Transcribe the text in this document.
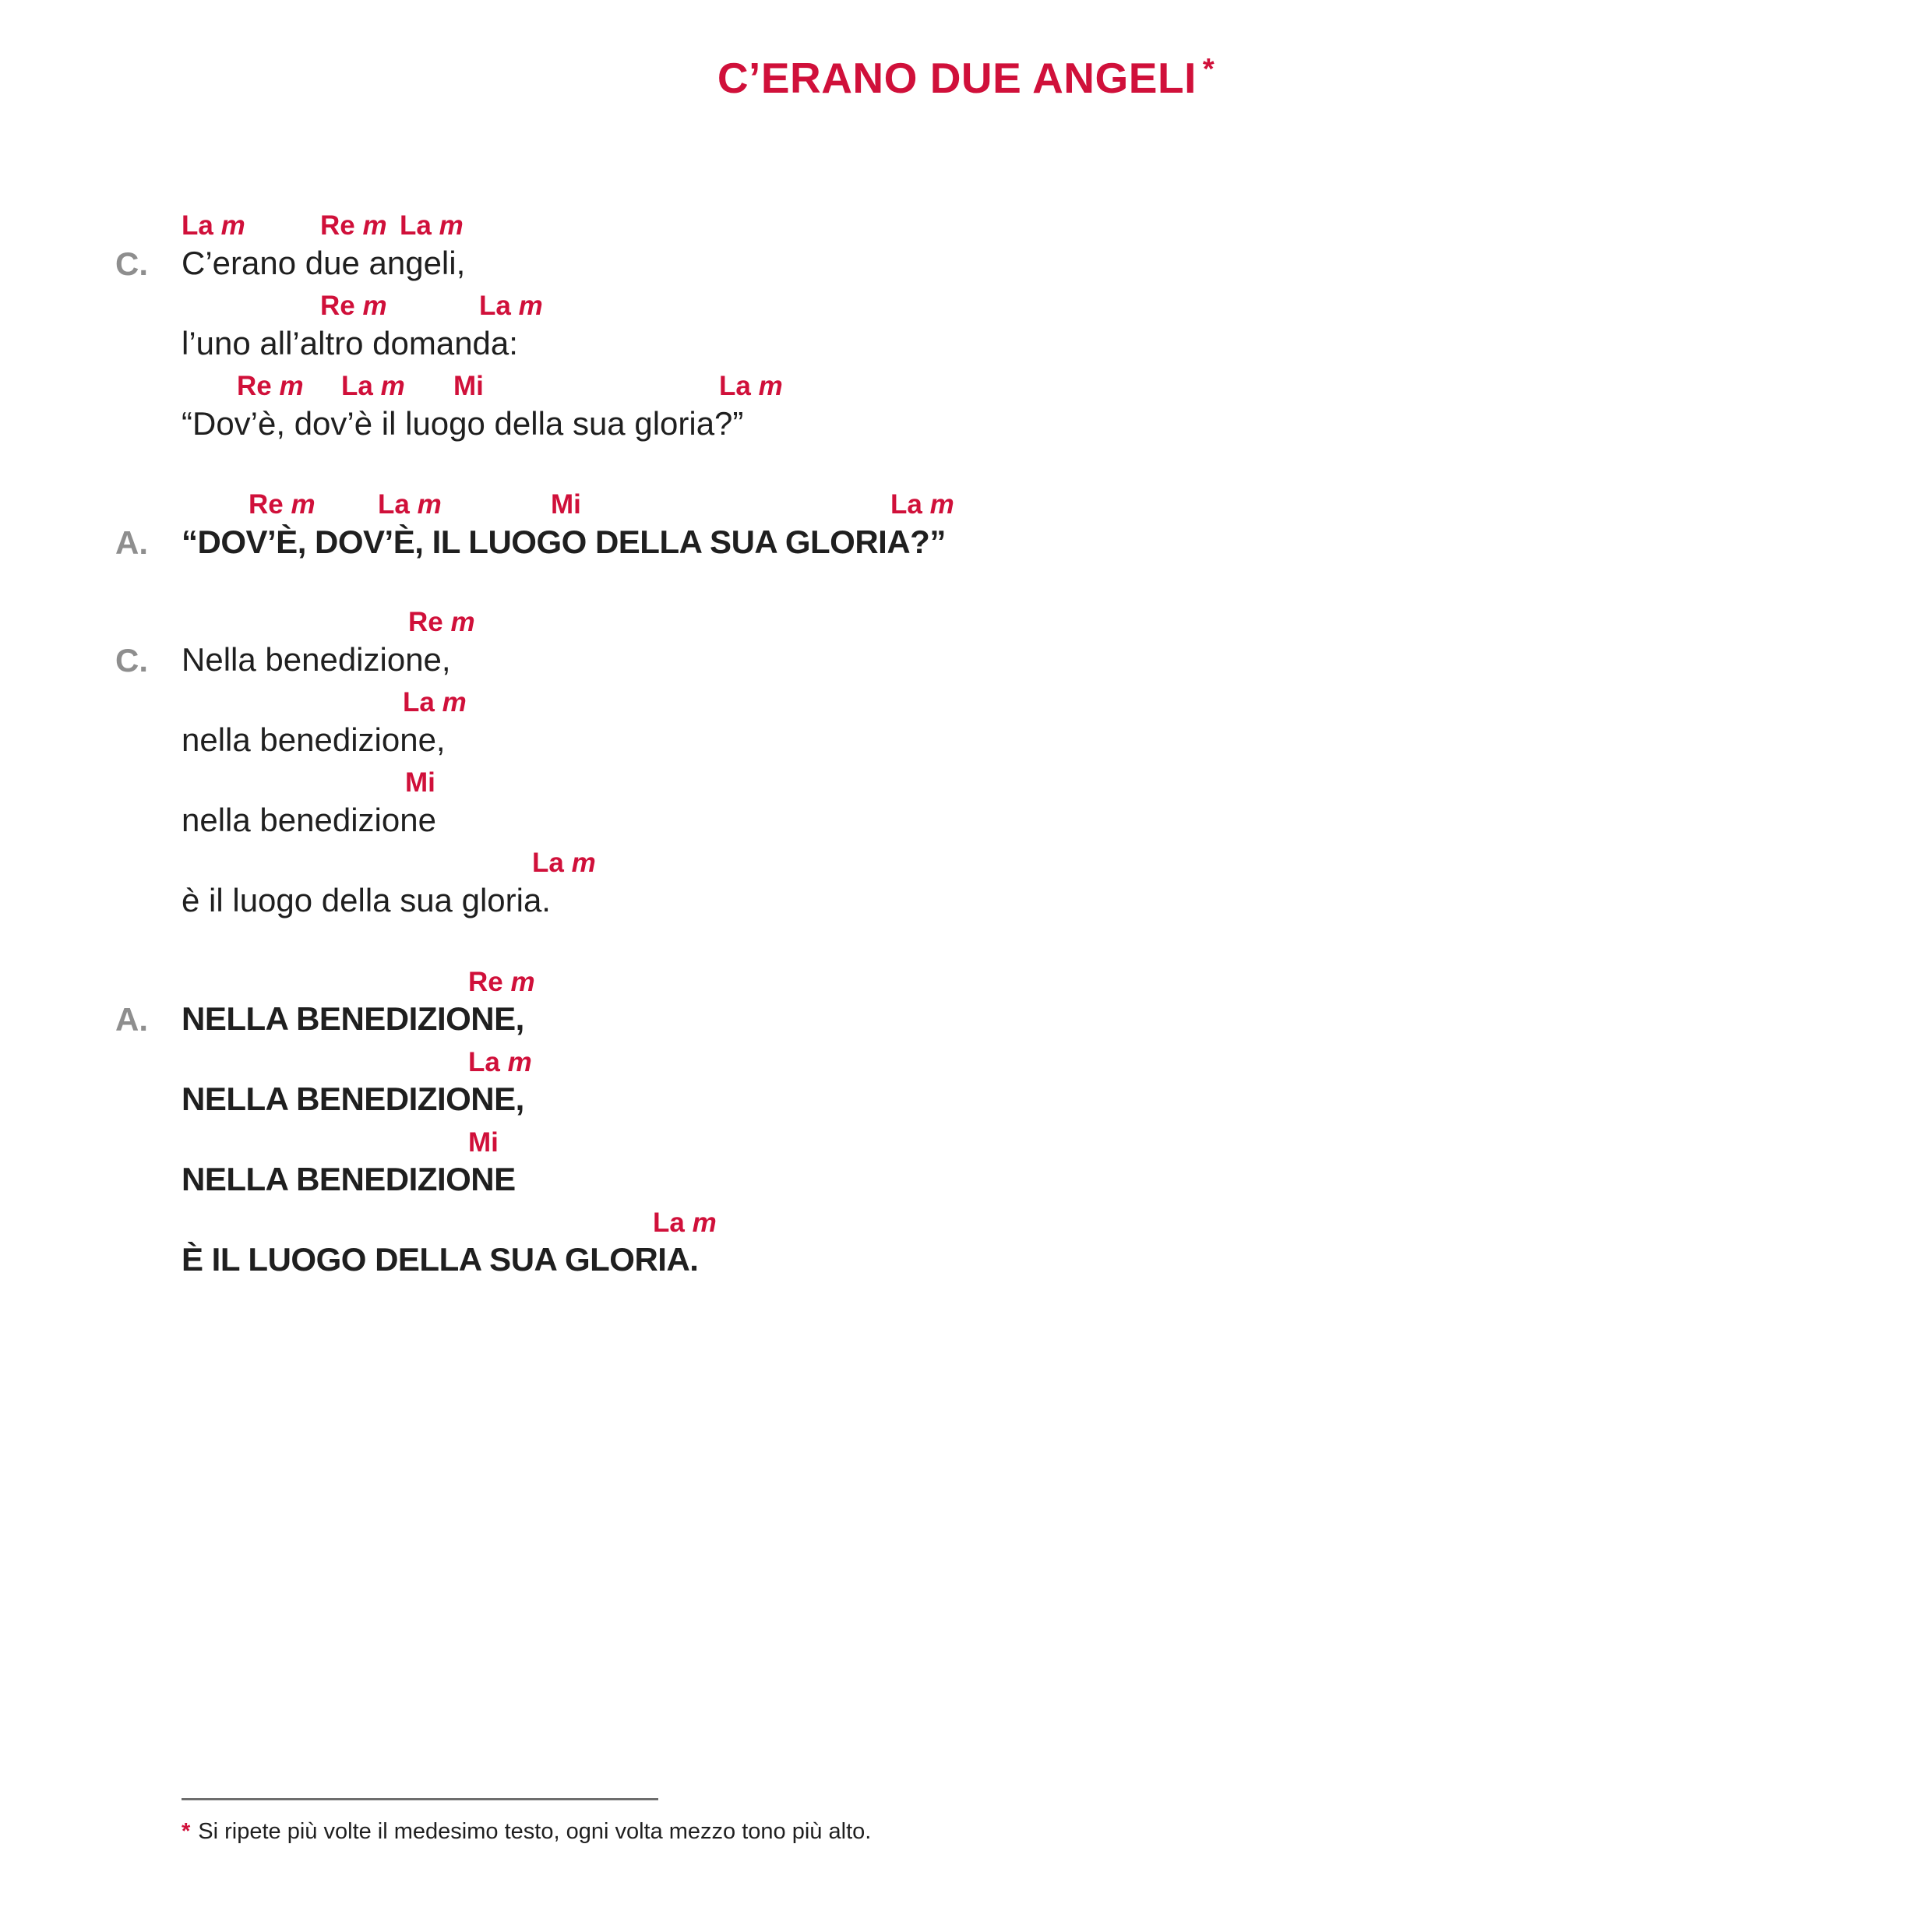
C’ERANO DUE ANGELI *
La m	Re m La m
C. C’erano due angeli,
Re m	La m
l’uno all’altro domanda:
Re m La m Mi	La m
“Dov’è, dov’è il luogo della sua gloria?”
Re m La m	Mi	La m
A. “DOV’È, DOV’È, IL LUOGO DELLA SUA GLORIA?”
Re m
C. Nella benedizione,
La m
nella benedizione,
Mi
nella benedizione
La m
è il luogo della sua gloria.
Re m
A. NELLA BENEDIZIONE,
La m
NELLA BENEDIZIONE,
Mi
NELLA BENEDIZIONE
La m
È IL LUOGO DELLA SUA GLORIA.
* Si ripete più volte il medesimo testo, ogni volta mezzo tono più alto.
